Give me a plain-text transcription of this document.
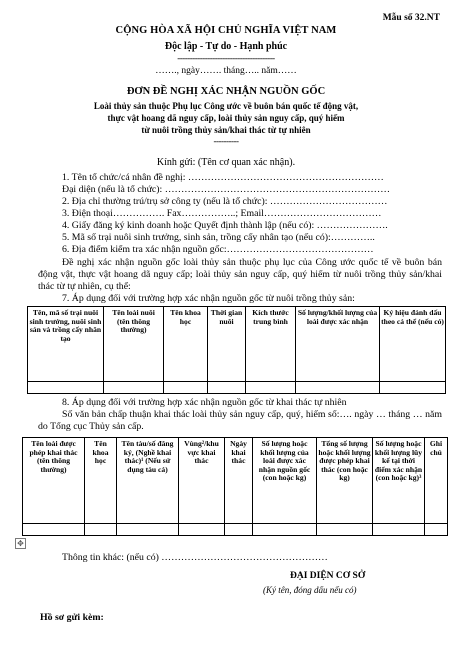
Mẫu số 32.NT
CỘNG HÒA XÃ HỘI CHỦ NGHĨA VIỆT NAM
Độc lập - Tự do - Hạnh phúc
---------------------------------------
……., ngày……. tháng….. năm……
ĐƠN ĐỀ NGHỊ XÁC NHẬN NGUỒN GỐC
Loài thủy sản thuộc Phụ lục Công ước về buôn bán quốc tế động vật,
thực vật hoang dã nguy cấp, loài thủy sản nguy cấp, quý hiếm
từ nuôi trồng thủy sản/khai thác từ tự nhiên
----------
Kính gửi: (Tên cơ quan xác nhận).
1. Tên tổ chức/cá nhân đề nghị: ……………………………………………………
Đại diện (nếu là tổ chức): ……………………………………………………………
2. Địa chỉ thường trú/trụ sở công ty (nếu là tổ chức): ………………………………
3. Điện thoại……………. Fax……………..; Email………………………………
4. Giấy đăng ký kinh doanh hoặc Quyết định thành lập (nếu có): ………………….
5. Mã số trại nuôi sinh trưởng, sinh sản, trồng cấy nhân tạo (nếu có):…………..
6. Địa điểm kiểm tra xác nhận nguồn gốc:………………………………………
Đề nghị xác nhận nguồn gốc loài thủy sản thuộc phụ lục của Công ước quốc tế về buôn bán động vật, thực vật hoang dã nguy cấp; loài thủy sản nguy cấp, quý hiếm từ nuôi trồng thủy sản/khai thác từ tự nhiên, cụ thể:
7. Áp dụng đối với trường hợp xác nhận nguồn gốc từ nuôi trồng thủy sản:
Tên, mã số trại nuôi sinh trưởng, nuôi sinh sản và trồng cấy nhân tạo	Tên loài nuôi (tên thông thường)	Tên khoa học	Thời gian nuôi	Kích thước trung bình	Số lượng/khối lượng của loài được xác nhận	Ký hiệu đánh dấu theo cá thể (nếu có)

8. Áp dụng đối với trường hợp xác nhận nguồn gốc từ khai thác tự nhiên
Số văn bản chấp thuận khai thác loài thủy sản nguy cấp, quý, hiếm số:…. ngày … tháng … năm do Tổng cục Thủy sản cấp.
Tên loài được phép khai thác (tên thông thường)	Tên khoa học	Tên tàu/số đăng ký, (Nghề khai thác)¹ (Nếu sử dụng tàu cá)	Vùng²/khu vực khai thác	Ngày khai thác	Số lượng hoặc khối lượng của loài được xác nhận nguồn gốc (con hoặc kg)	Tổng số lượng hoặc khối lượng được phép khai thác (con hoặc kg)	Số lượng hoặc khối lượng lũy kế tại thời điểm xác nhận (con hoặc kg)³	Ghi chú

✥
Thông tin khác: (nếu có) ……………………………………………
ĐẠI DIỆN CƠ SỞ
(Ký tên, đóng dấu nếu có)
Hồ sơ gửi kèm:
